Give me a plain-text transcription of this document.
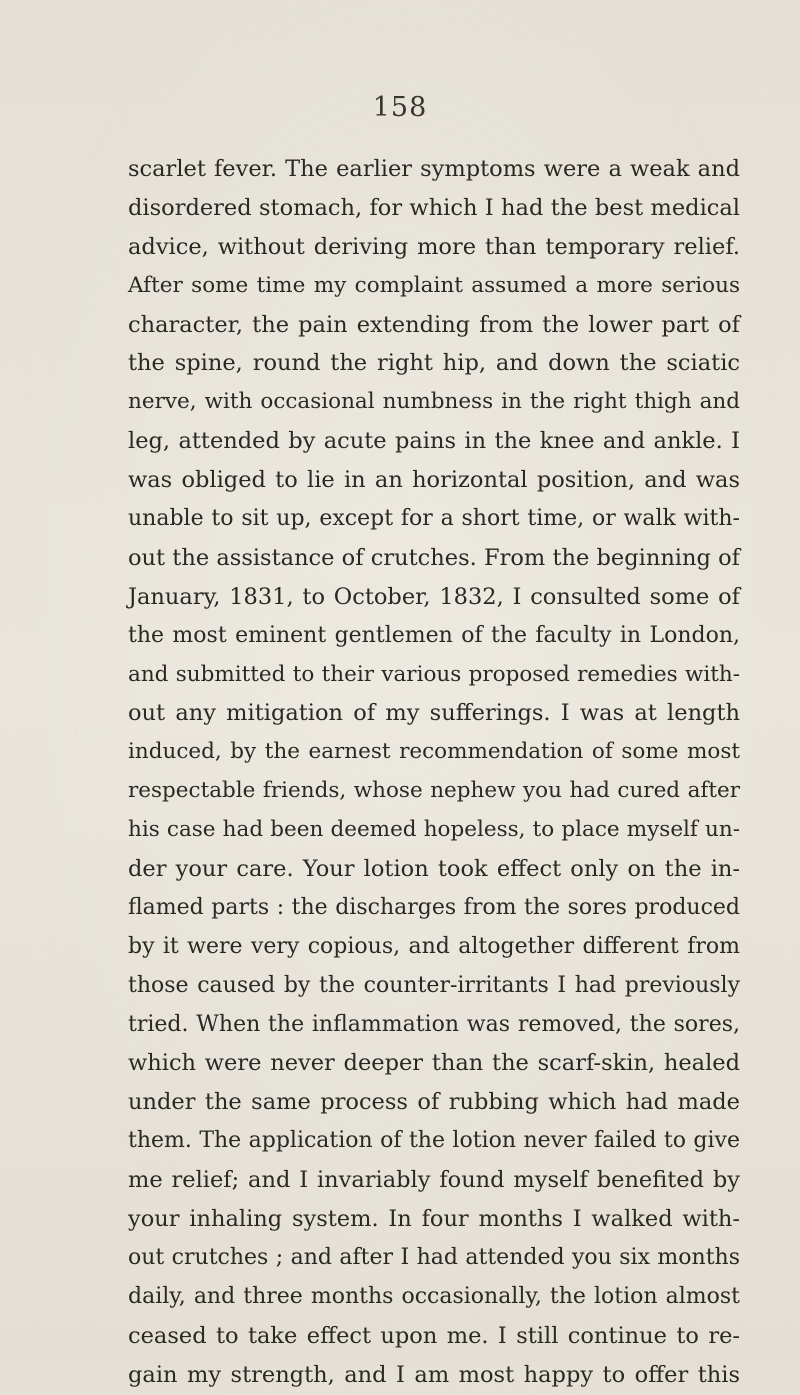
158
scarlet fever. The earlier symptoms were a weak and
disordered stomach, for which I had the best medical
advice, without deriving more than temporary relief.
After some time my complaint assumed a more serious
character, the pain extending from the lower part of
the spine, round the right hip, and down the sciatic
nerve, with occasional numbness in the right thigh and
leg, attended by acute pains in the knee and ankle. I
was obliged to lie in an horizontal position, and was
unable to sit up, except for a short time, or walk with-
out the assistance of crutches. From the beginning of
January, 1831, to October, 1832, I consulted some of
the most eminent gentlemen of the faculty in London,
and submitted to their various proposed remedies with-
out any mitigation of my sufferings. I was at length
induced, by the earnest recommendation of some most
respectable friends, whose nephew you had cured after
his case had been deemed hopeless, to place myself un-
der your care. Your lotion took effect only on the in-
flamed parts : the discharges from the sores produced
by it were very copious, and altogether different from
those caused by the counter-irritants I had previously
tried. When the inflammation was removed, the sores,
which were never deeper than the scarf-skin, healed
under the same process of rubbing which had made
them. The application of the lotion never failed to give
me relief; and I invariably found myself benefited by
your inhaling system. In four months I walked with-
out crutches ; and after I had attended you six months
daily, and three months occasionally, the lotion almost
ceased to take effect upon me. I still continue to re-
gain my strength, and I am most happy to offer this
